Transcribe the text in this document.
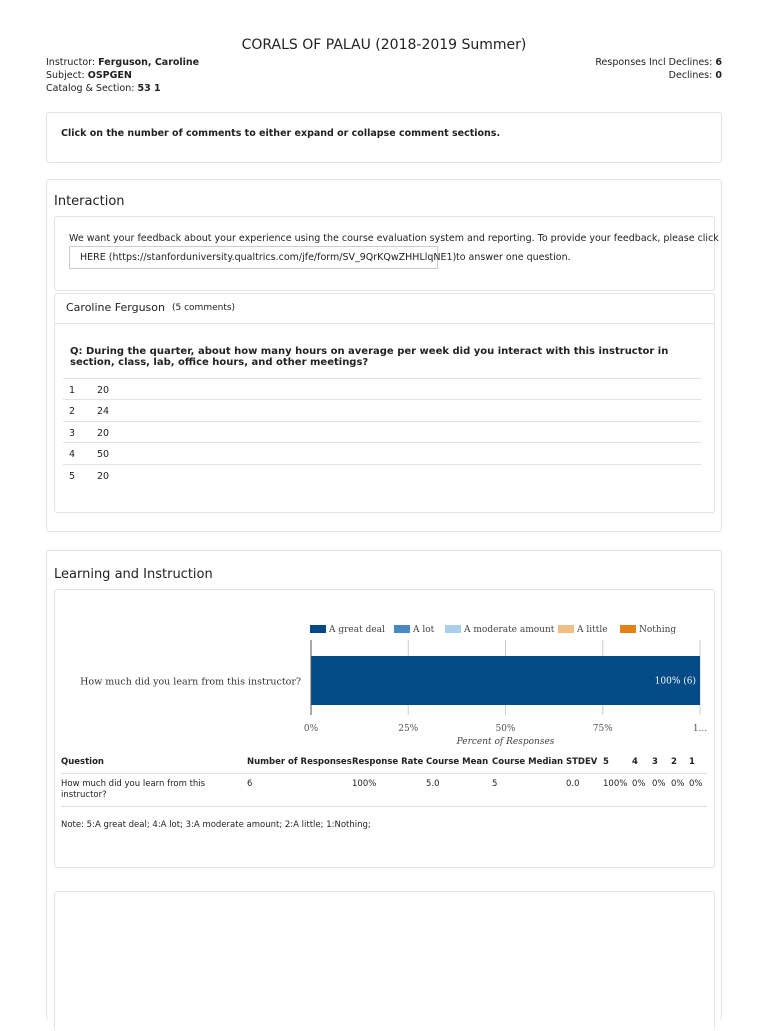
CORALS OF PALAU (2018-2019 Summer)
Instructor: Ferguson, Caroline
Subject: OSPGEN
Catalog & Section: 53 1
Responses Incl Declines: 6
Declines: 0
Click on the number of comments to either expand or collapse comment sections.
Interaction
We want your feedback about your experience using the course evaluation system and reporting. To provide your feedback, please click
HERE (https://stanforduniversity.qualtrics.com/jfe/form/SV_9QrKQwZHHLlqNE1) to answer one question.
Caroline Ferguson (5 comments)
Q: During the quarter, about how many hours on average per week did you interact with this instructor in section, class, lab, office hours, and other meetings?
1 20
2 24
3 20
4 50
5 20
Learning and Instruction
A great deal	A lot	A moderate amount	A little	Nothing
100% (6)
How much did you learn from this instructor?
0%	25%	50%	75%	1...
Percent of Responses
Question	Number of Responses	Response Rate	Course Mean	Course Median	STDEV	5	4	3	2	1
How much did you learn from this instructor?	6	100%	5.0	5	0.0	100%	0%	0%	0%	0%
Note: 5:A great deal; 4:A lot; 3:A moderate amount; 2:A little; 1:Nothing;
